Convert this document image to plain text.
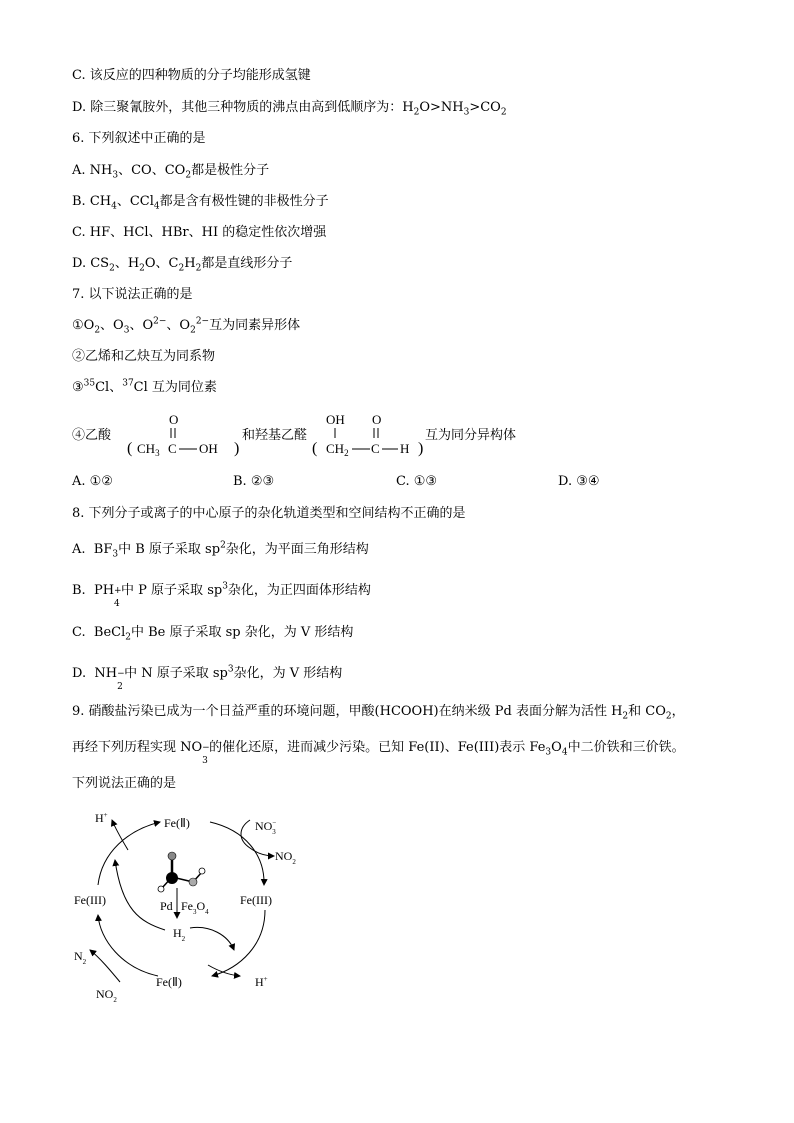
C. 该反应的四种物质的分子均能形成氢键
D. 除三聚氰胺外，其他三种物质的沸点由高到低顺序为：$H_2O>NH_3>CO_2$
6. 下列叙述中正确的是
A. $NH_3$、CO、$CO_2$都是极性分子
B. $CH_4$、CCl$_4$都是含有极性键的非极性分子
C. HF、HCl、HBr、HI 的稳定性依次增强
D. $CS_2$、$H_2O$、$C_2H_2$都是直线形分子
7. 以下说法正确的是
$①O_2$、$O_3$、$O^{2-}$、$O_2^{2-}$互为同素异形体
②乙烯和乙炔互为同系物
③$^{35}$Cl、$^{37}$Cl 互为同位素
④乙酸
(
O
$CH_3$ C OH )
和羟基乙醛
(
OH O
$CH_2$ C H )
互为同分异构体
A. ①②	B. ②③	C. ①③	D. ③④
8. 下列分子或离子的中心原子的杂化轨道类型和空间结构不正确的是
A. $BF_3$中 B 原子采取 $sp^2$杂化，为平面三角形结构
B. PH +
4
中 P 原子采取 $sp^3$杂化，为正四面体形结构
C. BeCl$_2$中 Be 原子采取 sp 杂化，为 V 形结构
D. NH −
2
中 N 原子采取 $sp^3$杂化，为 V 形结构
9. 硝酸盐污染已成为一个日益严重的环境问题，甲酸(HCOOH)在纳米级 Pd 表面分解为活性 $H_2$和 $CO_2$，
再经下列历程实现 NO −
3
的催化还原，进而减少污染。已知 Fe(II)、Fe(III)表示 $Fe_3O_4$中二价铁和三价铁。
下列说法正确的是
Fe(Ⅱ)
Fe(Ⅱ)
Fe(III)	Fe(III)
H+
H+
NO− 3
$NO_2$
$NO_2$
$N_2$
Pd $Fe_3O_4$
$H_2$
